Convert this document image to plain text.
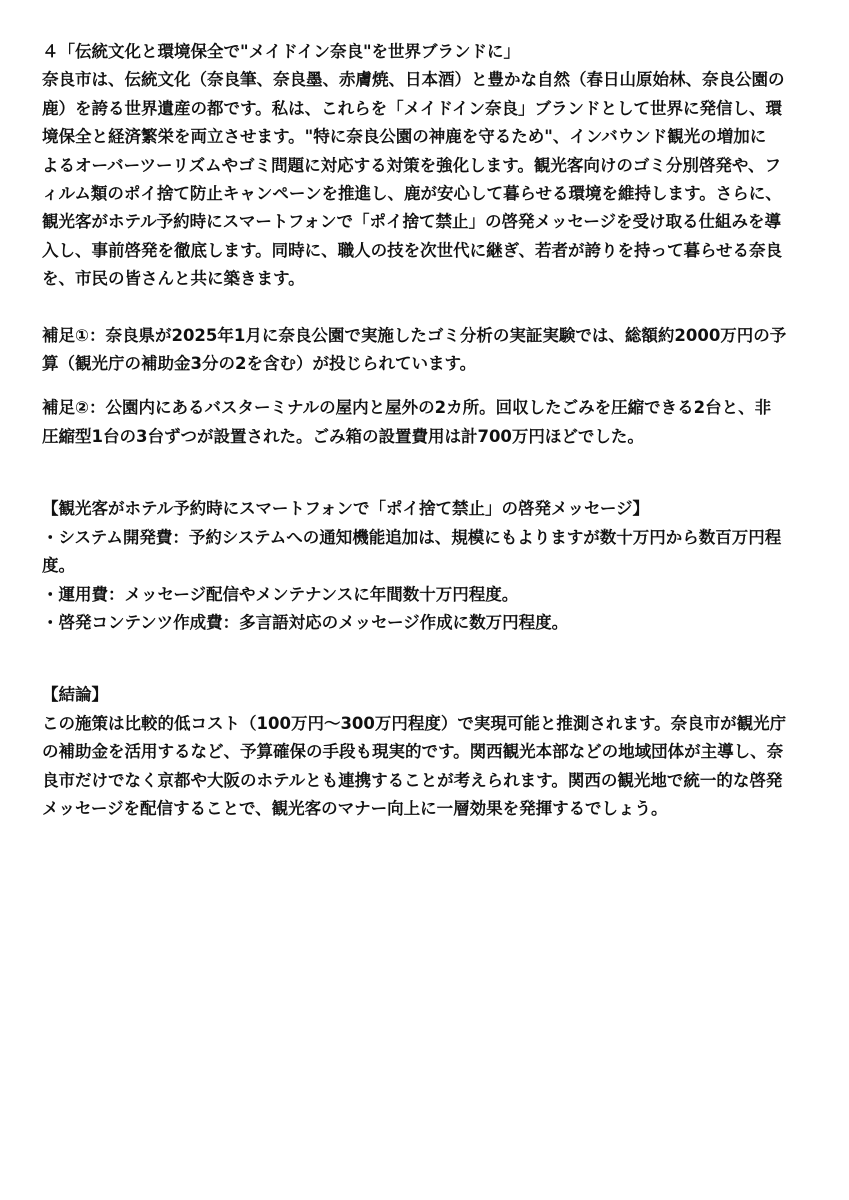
４「伝統文化と環境保全で"メイドイン奈良"を世界ブランドに」

奈良市は、伝統文化（奈良筆、奈良墨、赤膚焼、日本酒）と豊かな自然（春日山原始林、奈良公園の
鹿）を誇る世界遺産の都です。私は、これらを「メイドイン奈良」ブランドとして世界に発信し、環
境保全と経済繁栄を両立させます。"特に奈良公園の神鹿を守るため"、インバウンド観光の増加に
よるオーバーツーリズムやゴミ問題に対応する対策を強化します。観光客向けのゴミ分別啓発や、フ
ィルム類のポイ捨て防止キャンペーンを推進し、鹿が安心して暮らせる環境を維持します。さらに、
観光客がホテル予約時にスマートフォンで「ポイ捨て禁止」の啓発メッセージを受け取る仕組みを導
入し、事前啓発を徹底します。同時に、職人の技を次世代に継ぎ、若者が誇りを持って暮らせる奈良
を、市民の皆さんと共に築きます。

補足①：奈良県が2025年1月に奈良公園で実施したゴミ分析の実証実験では、総額約2000万円の予
算（観光庁の補助金3分の2を含む）が投じられています。

補足②：公園内にあるバスターミナルの屋内と屋外の2カ所。回収したごみを圧縮できる2台と、非
圧縮型1台の3台ずつが設置された。ごみ箱の設置費用は計700万円ほどでした。

【観光客がホテル予約時にスマートフォンで「ポイ捨て禁止」の啓発メッセージ】

・システム開発費：予約システムへの通知機能追加は、規模にもよりますが数十万円から数百万円程
度。
・運用費：メッセージ配信やメンテナンスに年間数十万円程度。
・啓発コンテンツ作成費：多言語対応のメッセージ作成に数万円程度。

【結論】

この施策は比較的低コスト（100万円〜300万円程度）で実現可能と推測されます。奈良市が観光庁
の補助金を活用するなど、予算確保の手段も現実的です。関西観光本部などの地域団体が主導し、奈
良市だけでなく京都や大阪のホテルとも連携することが考えられます。関西の観光地で統一的な啓発
メッセージを配信することで、観光客のマナー向上に一層効果を発揮するでしょう。
